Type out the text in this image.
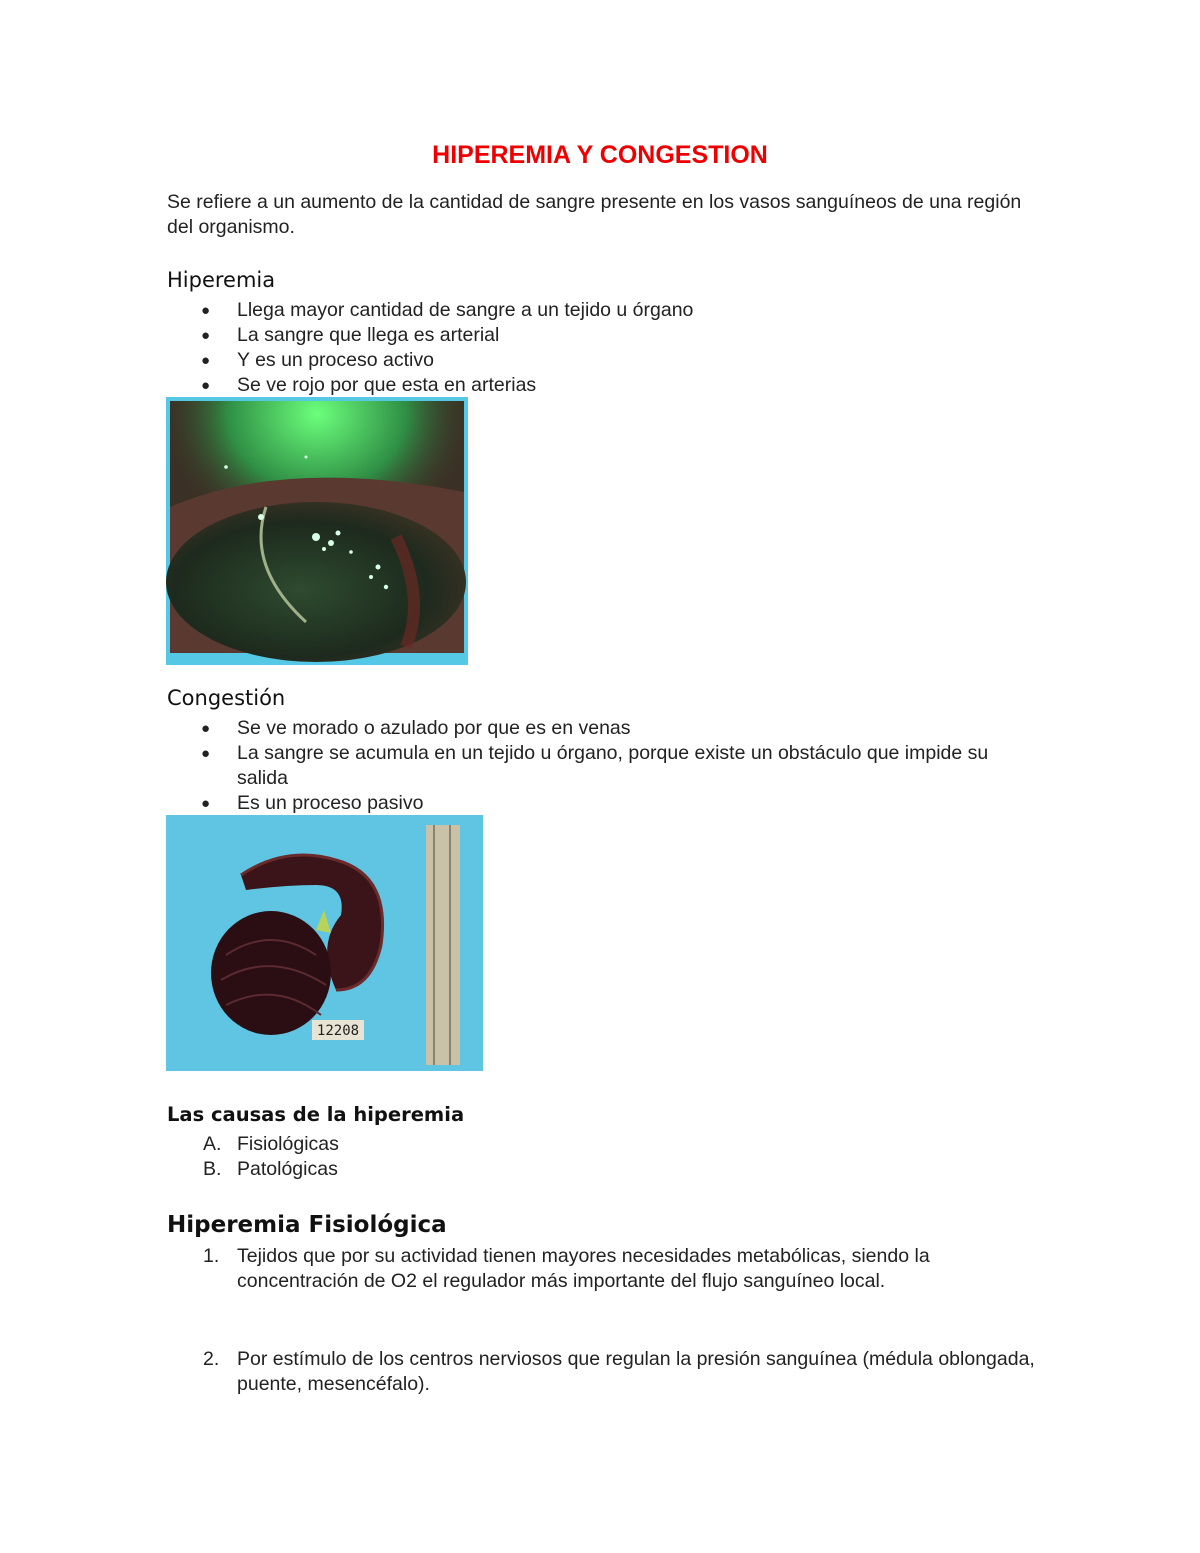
HIPEREMIA Y CONGESTION

Se refiere a un aumento de la cantidad de sangre presente en los vasos sanguíneos de una región del organismo.

Hiperemia
● Llega mayor cantidad de sangre a un tejido u órgano
● La sangre que llega es arterial
● Y es un proceso activo
● Se ve rojo por que esta en arterias
Congestión
● Se ve morado o azulado por que es en venas
● La sangre se acumula en un tejido u órgano, porque existe un obstáculo que impide su salida
● Es un proceso pasivo
12208
Las causas de la hiperemia
A. Fisiológicas
B. Patológicas
Hiperemia Fisiológica
1. Tejidos que por su actividad tienen mayores necesidades metabólicas, siendo la concentración de O2 el regulador más importante del flujo sanguíneo local.
2. Por estímulo de los centros nerviosos que regulan la presión sanguínea (médula oblongada, puente, mesencéfalo).
